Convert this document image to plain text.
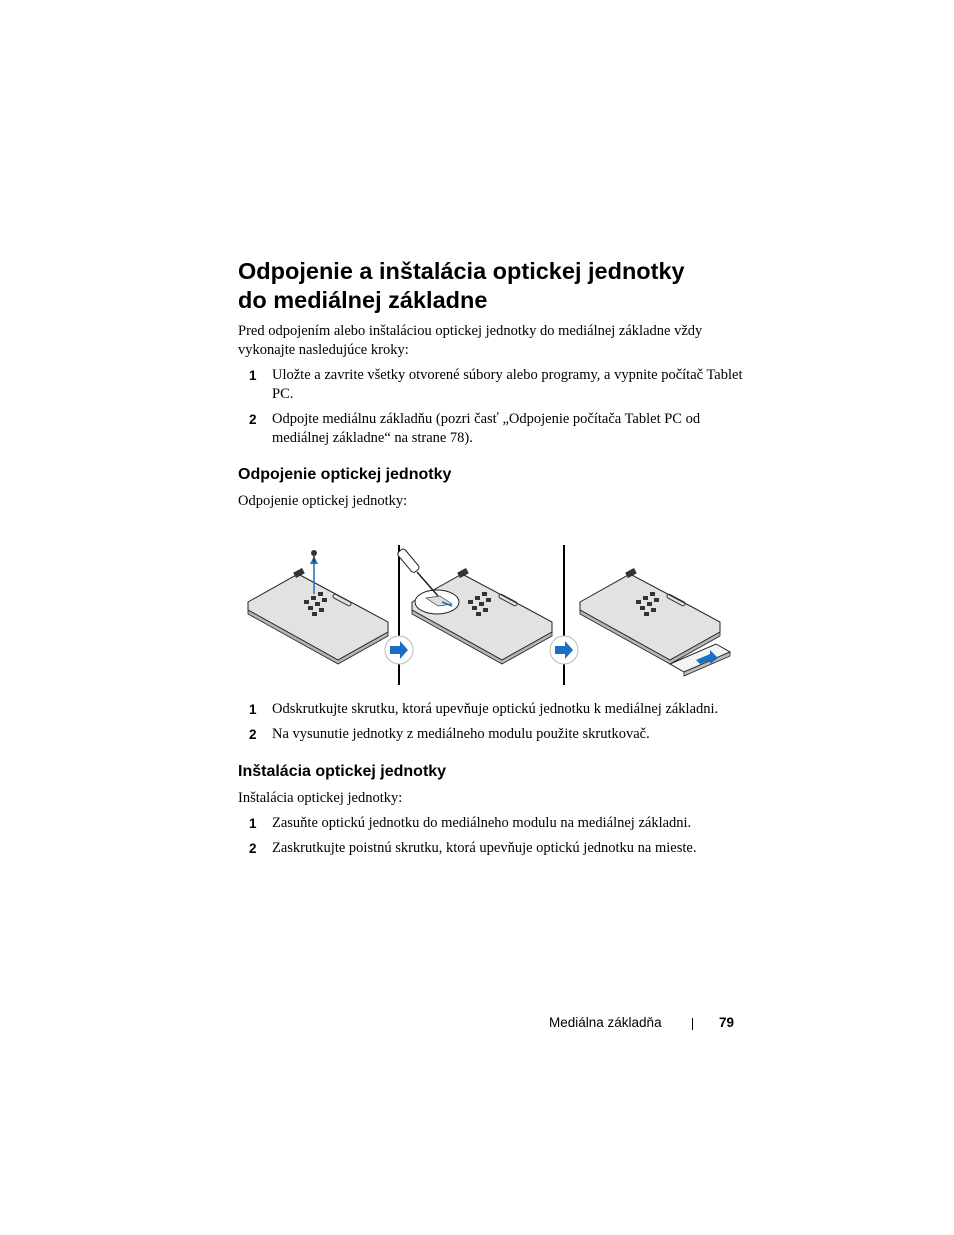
Odpojenie a inštalácia optickej jednotky
do mediálnej základne

Pred odpojením alebo inštaláciou optickej jednotky do mediálnej základne vždy vykonajte nasledujúce kroky:

1 Uložte a zavrite všetky otvorené súbory alebo programy, a vypnite počítač Tablet PC.
2 Odpojte mediálnu základňu (pozri časť „Odpojenie počítača Tablet PC od mediálnej základne“ na strane 78).
Odpojenie optickej jednotky

Odpojenie optickej jednotky:

1 Odskrutkujte skrutku, ktorá upevňuje optickú jednotku k mediálnej základni.
2 Na vysunutie jednotky z mediálneho modulu použite skrutkovač.
Inštalácia optickej jednotky

Inštalácia optickej jednotky:

1 Zasuňte optickú jednotku do mediálneho modulu na mediálnej základni.
2 Zaskrutkujte poistnú skrutku, ktorá upevňuje optickú jednotku na mieste.
Mediálna základňa	79
